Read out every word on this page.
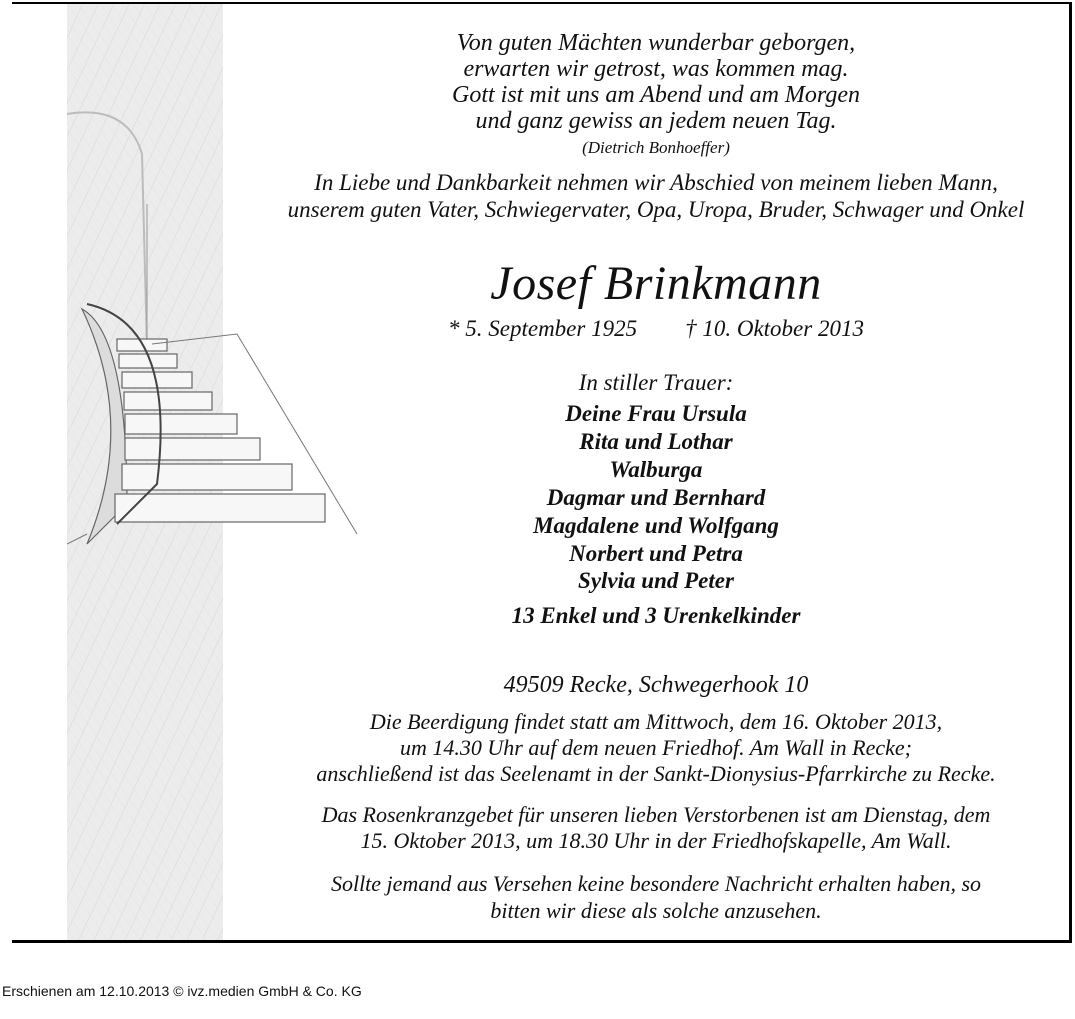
Von guten Mächten wunderbar geborgen,
erwarten wir getrost, was kommen mag.
Gott ist mit uns am Abend und am Morgen
und ganz gewiss an jedem neuen Tag.
(Dietrich Bonhoeffer)
In Liebe und Dankbarkeit nehmen wir Abschied von meinem lieben Mann,
unserem guten Vater, Schwiegervater, Opa, Uropa, Bruder, Schwager und Onkel
Josef Brinkmann
* 5. September 1925 † 10. Oktober 2013
In stiller Trauer:
Deine Frau Ursula
Rita und Lothar
Walburga
Dagmar und Bernhard
Magdalene und Wolfgang
Norbert und Petra
Sylvia und Peter
13 Enkel und 3 Urenkelkinder
49509 Recke, Schwegerhook 10
Die Beerdigung findet statt am Mittwoch, dem 16. Oktober 2013,
um 14.30 Uhr auf dem neuen Friedhof. Am Wall in Recke;
anschließend ist das Seelenamt in der Sankt-Dionysius-Pfarrkirche zu Recke.
Das Rosenkranzgebet für unseren lieben Verstorbenen ist am Dienstag, dem
15. Oktober 2013, um 18.30 Uhr in der Friedhofskapelle, Am Wall.
Sollte jemand aus Versehen keine besondere Nachricht erhalten haben, so
bitten wir diese als solche anzusehen.
Erschienen am 12.10.2013 © ivz.medien GmbH & Co. KG
